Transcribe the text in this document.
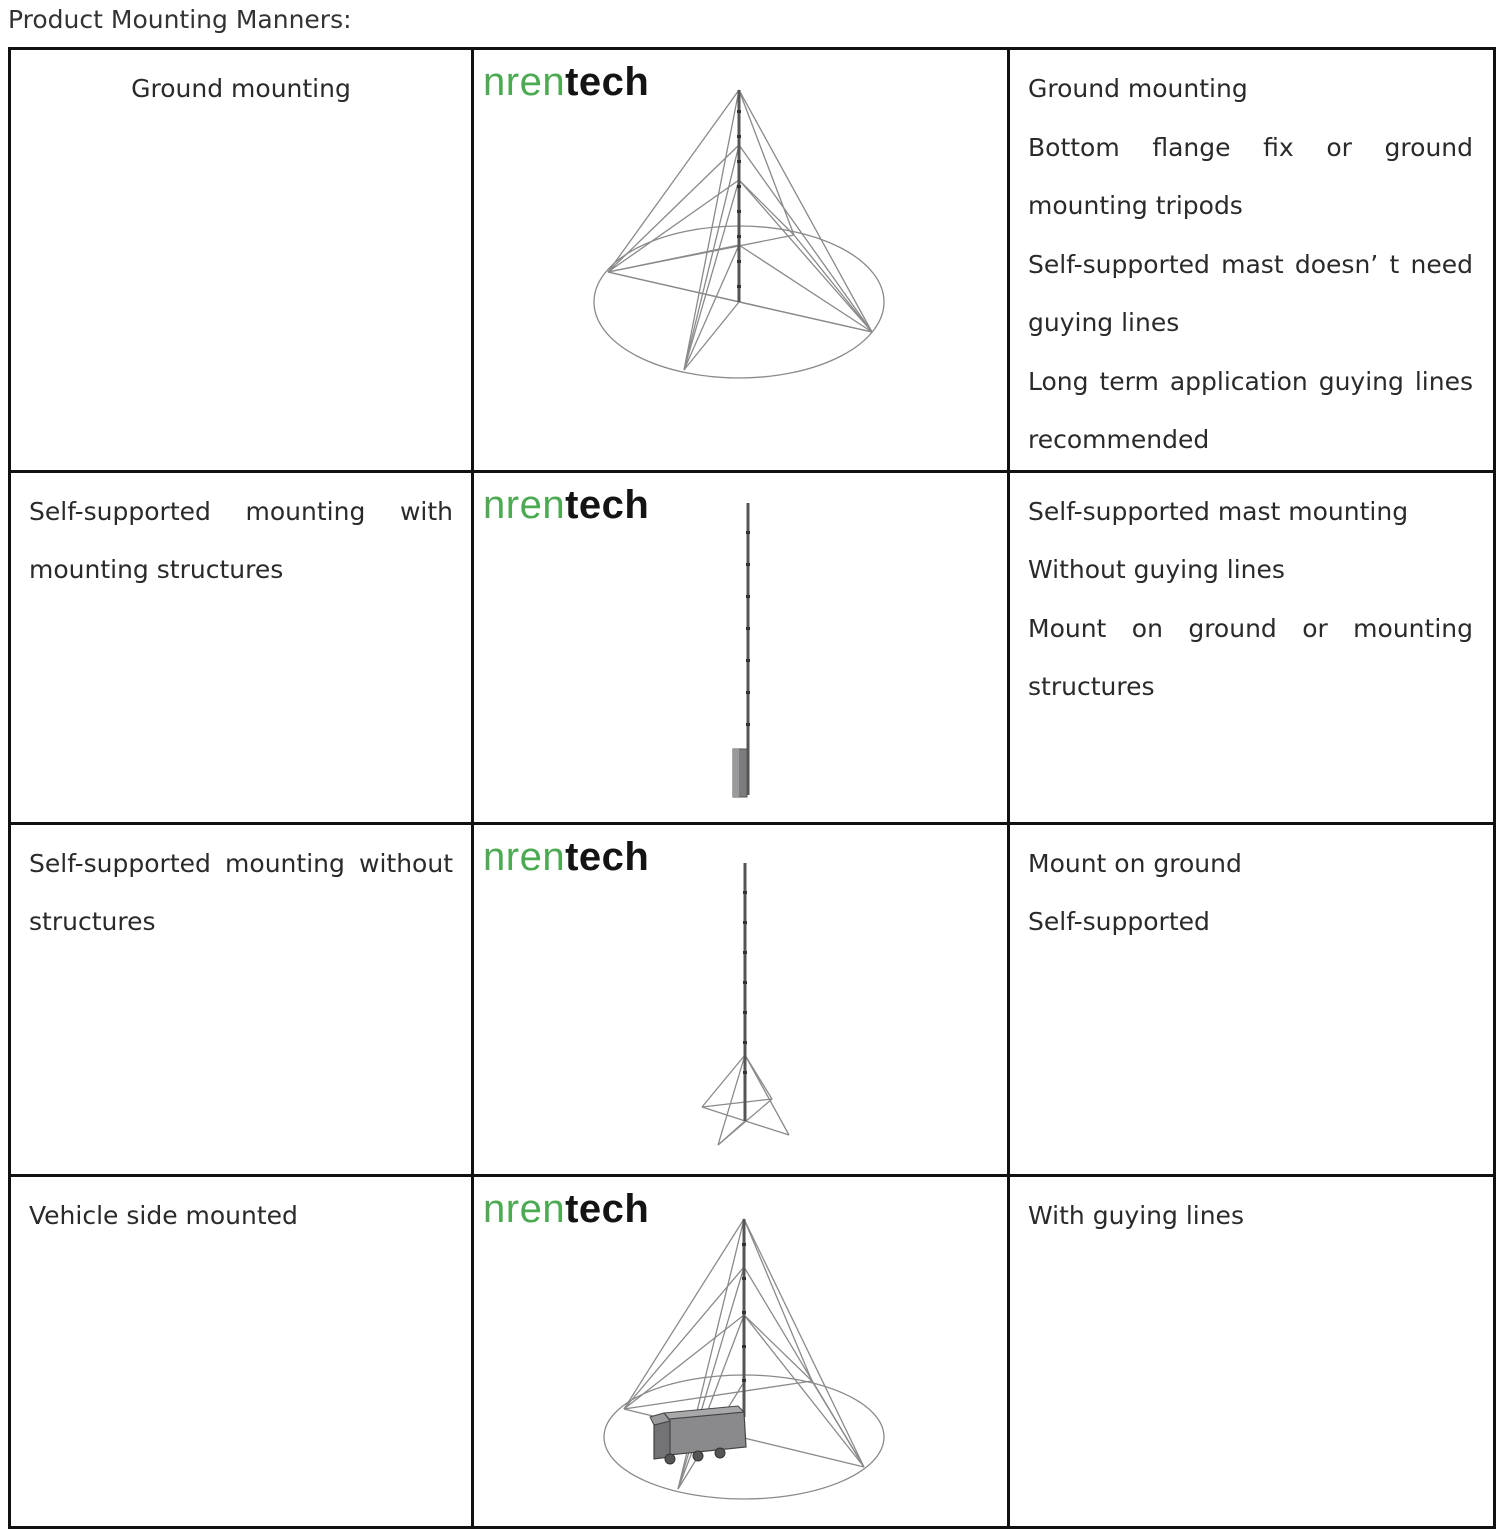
Product Mounting Manners:
Ground mounting	nrentech	Ground mounting

Bottom flange fix or ground mounting tripods

Self-supported mast doesn’ t need guying lines

Long term application guying lines recommended

Self-supported mounting with mounting structures	nrentech	Self-supported mast mounting

Without guying lines

Mount on ground or mounting structures

Self-supported mounting without structures	nrentech	Mount on ground

Self-supported

Vehicle side mounted	nrentech	With guying lines
